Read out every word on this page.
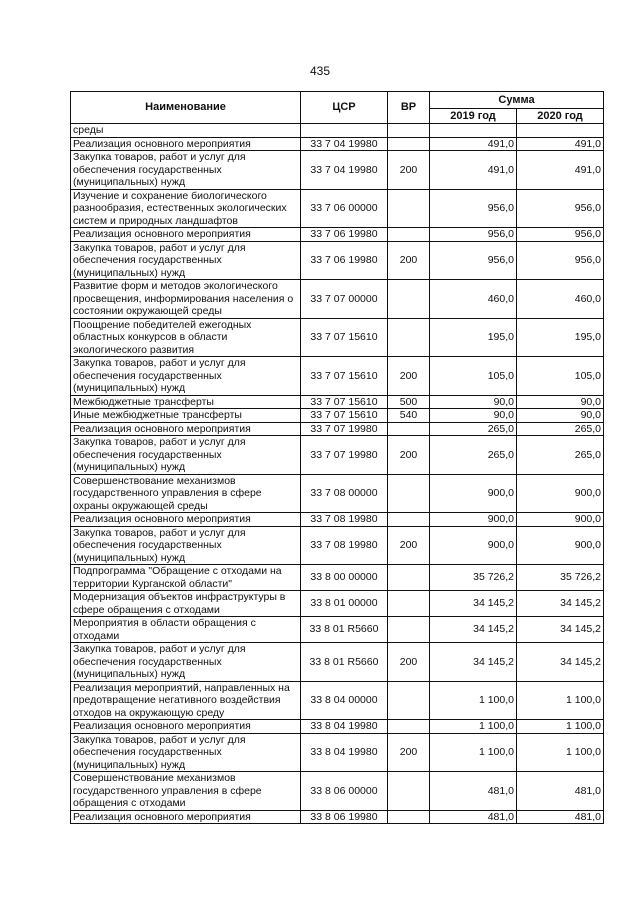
435
Наименование	ЦСР	ВР	Сумма	
			2019 год	2020 год
среды				
Реализация основного мероприятия	33 7 04 19980		491,0	491,0
Закупка товаров, работ и услуг для обеспечения государственных (муниципальных) нужд	33 7 04 19980	200	491,0	491,0
Изучение и сохранение биологического разнообразия, естественных экологических систем и природных ландшафтов	33 7 06 00000		956,0	956,0
Реализация основного мероприятия	33 7 06 19980		956,0	956,0
Закупка товаров, работ и услуг для обеспечения государственных (муниципальных) нужд	33 7 06 19980	200	956,0	956,0
Развитие форм и методов экологического просвещения, информирования населения о состоянии окружающей среды	33 7 07 00000		460,0	460,0
Поощрение победителей ежегодных областных конкурсов в области экологического развития	33 7 07 15610		195,0	195,0
Закупка товаров, работ и услуг для обеспечения государственных (муниципальных) нужд	33 7 07 15610	200	105,0	105,0
Межбюджетные трансферты	33 7 07 15610	500	90,0	90,0
Иные межбюджетные трансферты	33 7 07 15610	540	90,0	90,0
Реализация основного мероприятия	33 7 07 19980		265,0	265,0
Закупка товаров, работ и услуг для обеспечения государственных (муниципальных) нужд	33 7 07 19980	200	265,0	265,0
Совершенствование механизмов государственного управления в сфере охраны окружающей среды	33 7 08 00000		900,0	900,0
Реализация основного мероприятия	33 7 08 19980		900,0	900,0
Закупка товаров, работ и услуг для обеспечения государственных (муниципальных) нужд	33 7 08 19980	200	900,0	900,0
Подпрограмма "Обращение с отходами на территории Курганской области"	33 8 00 00000		35 726,2	35 726,2
Модернизация объектов инфраструктуры в сфере обращения с отходами	33 8 01 00000		34 145,2	34 145,2
Мероприятия в области обращения с отходами	33 8 01 R5660		34 145,2	34 145,2
Закупка товаров, работ и услуг для обеспечения государственных (муниципальных) нужд	33 8 01 R5660	200	34 145,2	34 145,2
Реализация мероприятий, направленных на предотвращение негативного воздействия отходов на окружающую среду	33 8 04 00000		1 100,0	1 100,0
Реализация основного мероприятия	33 8 04 19980		1 100,0	1 100,0
Закупка товаров, работ и услуг для обеспечения государственных (муниципальных) нужд	33 8 04 19980	200	1 100,0	1 100,0
Совершенствование механизмов государственного управления в сфере обращения с отходами	33 8 06 00000		481,0	481,0
Реализация основного мероприятия	33 8 06 19980		481,0	481,0
